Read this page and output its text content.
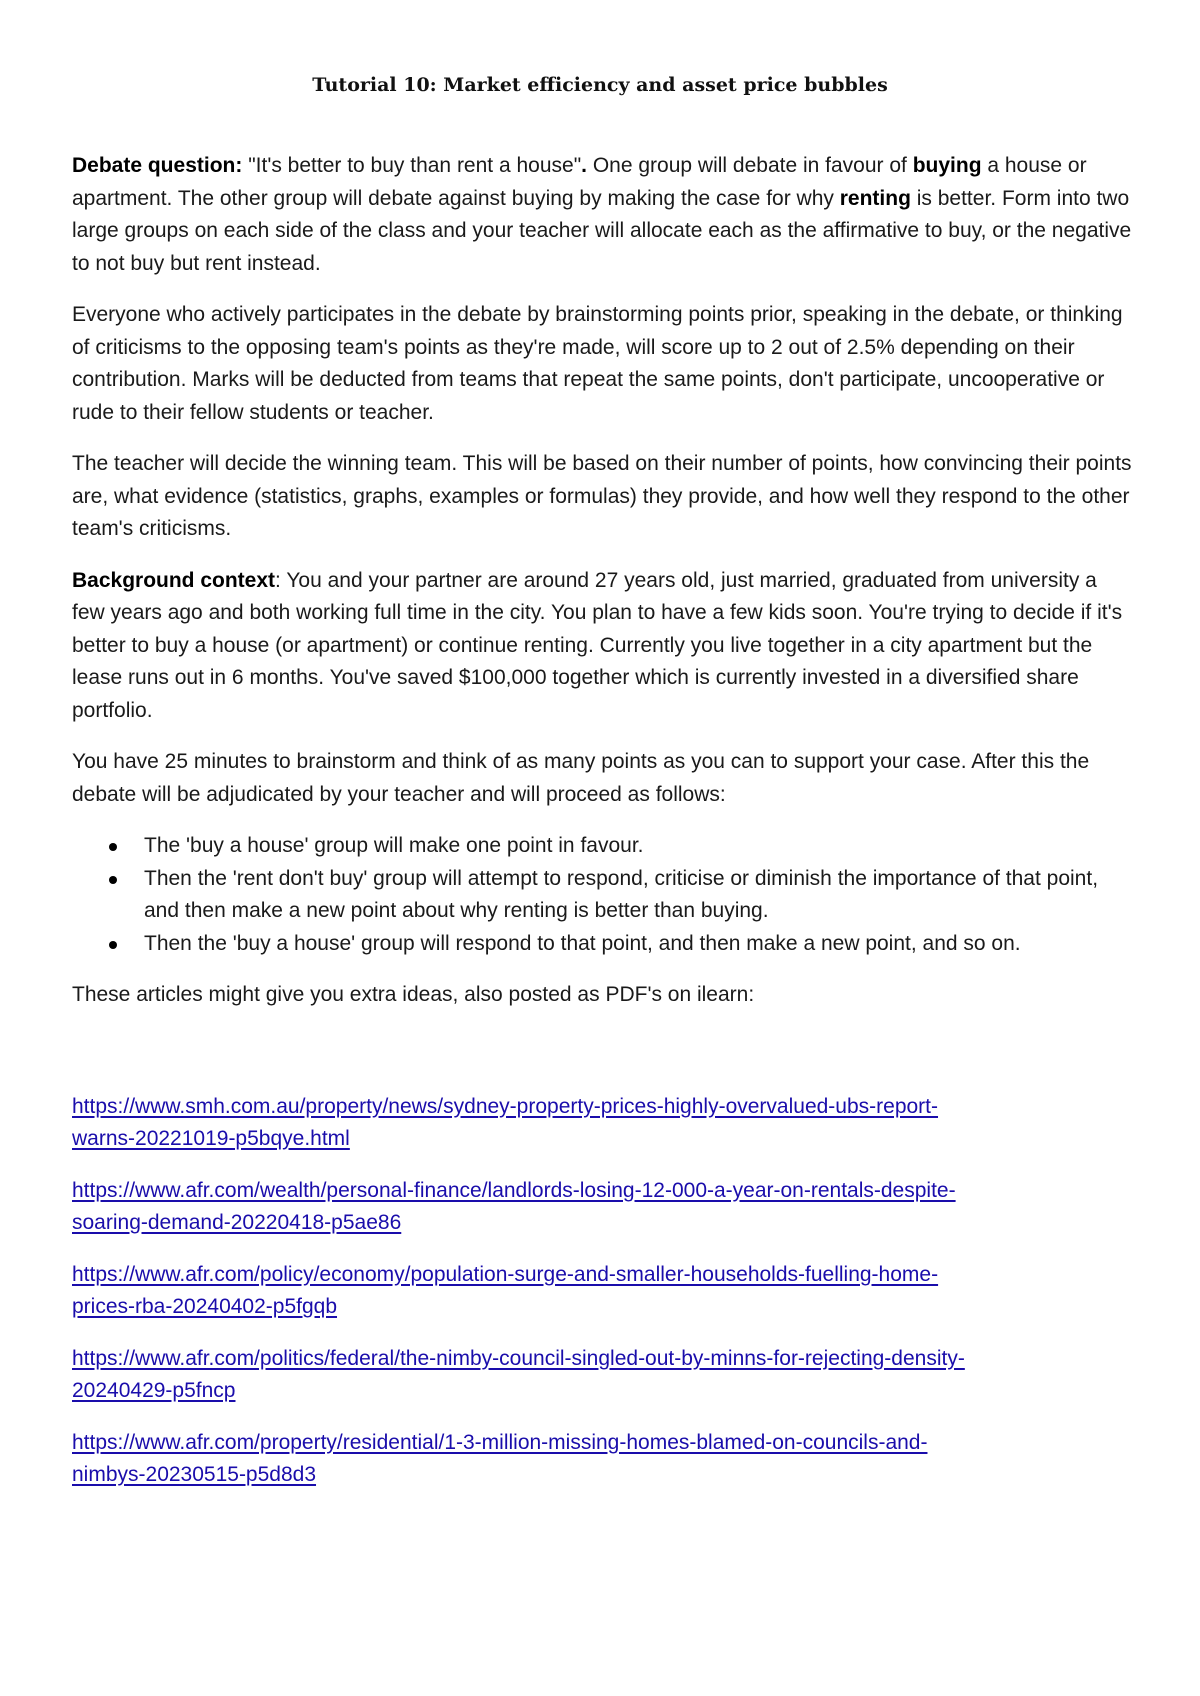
Tutorial 10: Market efficiency and asset price bubbles

Debate question: "It's better to buy than rent a house". One group will debate in favour of buying a house or apartment. The other group will debate against buying by making the case for why renting is better. Form into two large groups on each side of the class and your teacher will allocate each as the affirmative to buy, or the negative to not buy but rent instead.

Everyone who actively participates in the debate by brainstorming points prior, speaking in the debate, or thinking of criticisms to the opposing team's points as they're made, will score up to 2 out of 2.5% depending on their contribution. Marks will be deducted from teams that repeat the same points, don't participate, uncooperative or rude to their fellow students or teacher.

The teacher will decide the winning team. This will be based on their number of points, how convincing their points are, what evidence (statistics, graphs, examples or formulas) they provide, and how well they respond to the other team's criticisms.

Background context: You and your partner are around 27 years old, just married, graduated from university a few years ago and both working full time in the city. You plan to have a few kids soon. You're trying to decide if it's better to buy a house (or apartment) or continue renting. Currently you live together in a city apartment but the lease runs out in 6 months. You've saved $100,000 together which is currently invested in a diversified share portfolio.

You have 25 minutes to brainstorm and think of as many points as you can to support your case. After this the debate will be adjudicated by your teacher and will proceed as follows:

The 'buy a house' group will make one point in favour.
Then the 'rent don't buy' group will attempt to respond, criticise or diminish the importance of that point, and then make a new point about why renting is better than buying.
Then the 'buy a house' group will respond to that point, and then make a new point, and so on.

These articles might give you extra ideas, also posted as PDF's on ilearn:

https://www.smh.com.au/property/news/sydney-property-prices-highly-overvalued-ubs-report-
warns-20221019-p5bqye.html

https://www.afr.com/wealth/personal-finance/landlords-losing-12-000-a-year-on-rentals-despite-
soaring-demand-20220418-p5ae86

https://www.afr.com/policy/economy/population-surge-and-smaller-households-fuelling-home-
prices-rba-20240402-p5fgqb

https://www.afr.com/politics/federal/the-nimby-council-singled-out-by-minns-for-rejecting-density-
20240429-p5fncp

https://www.afr.com/property/residential/1-3-million-missing-homes-blamed-on-councils-and-
nimbys-20230515-p5d8d3
